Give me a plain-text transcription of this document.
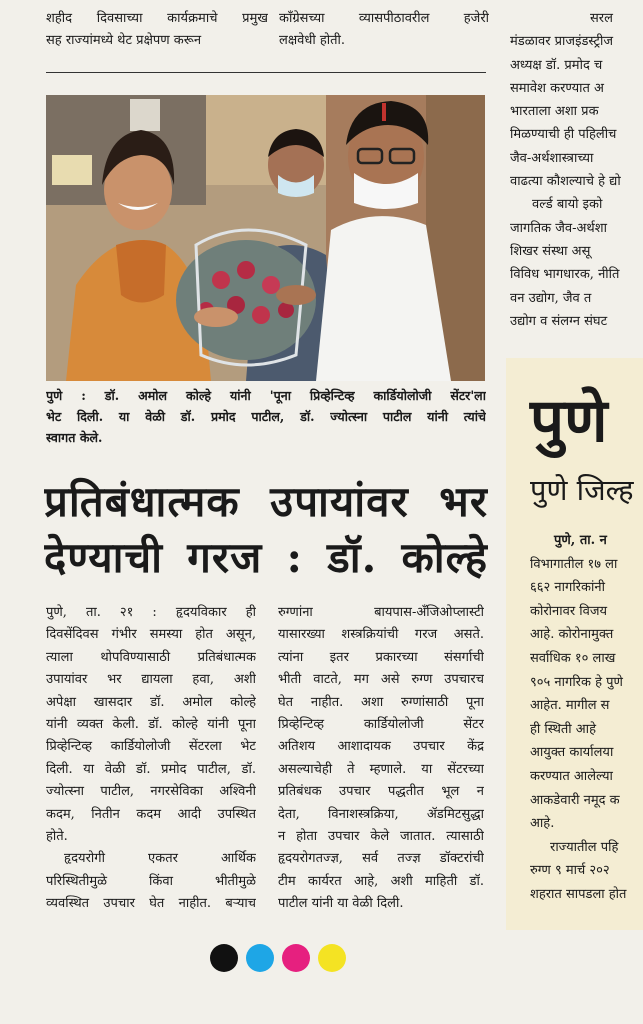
शहीद दिवसाच्या कार्यक्रमाचे प्रमुख
सह राज्यांमध्ये थेट प्रक्षेपण करून
काँग्रेसच्या व्यासपीठावरील हजेरी
लक्षवेधी होती.
पुणे : डॉ. अमोल कोल्हे यांनी 'पूना प्रिव्हेन्टिव्ह कार्डियोलोजी सेंटर'ला
भेट दिली. या वेळी डॉ. प्रमोद पाटील, डॉ. ज्योत्स्ना पाटील यांनी त्यांचे
स्वागत केले.
प्रतिबंधात्मक उपायांवर भर
देण्याची गरज : डॉ. कोल्हे
पुणे, ता. २१ : हृदयविकार ही
दिवसेंदिवस गंभीर समस्या होत असून,
त्याला थोपविण्यासाठी प्रतिबंधात्मक
उपायांवर भर द्यायला हवा, अशी
अपेक्षा खासदार डॉ. अमोल कोल्हे
यांनी व्यक्त केली. डॉ. कोल्हे यांनी पूना
प्रिव्हेन्टिव्ह कार्डियोलोजी सेंटरला भेट
दिली. या वेळी डॉ. प्रमोद पाटील, डॉ.
ज्योत्स्ना पाटील, नगरसेविका अश्विनी
कदम, नितीन कदम आदी उपस्थित
होते.
हृदयरोगी एकतर आर्थिक
परिस्थितीमुळे किंवा भीतीमुळे
व्यवस्थित उपचार घेत नाहीत. बऱ्याच
रुग्णांना बायपास-अँजिओप्लास्टी
यासारख्या शस्त्रक्रियांची गरज असते.
त्यांना इतर प्रकारच्या संसर्गाची
भीती वाटते, मग असे रुग्ण उपचारच
घेत नाहीत. अशा रुग्णांसाठी पूना
प्रिव्हेन्टिव्ह कार्डियोलोजी सेंटर
अतिशय आशादायक उपचार केंद्र
असल्याचेही ते म्हणाले. या सेंटरच्या
प्रतिबंधक उपचार पद्धतीत भूल न
देता, विनाशस्त्रक्रिया, ॲडमिटसुद्धा
न होता उपचार केले जातात. त्यासाठी
हृदयरोगतज्ज्ञ, सर्व तज्ज्ञ डॉक्टरांची
टीम कार्यरत आहे, अशी माहिती डॉ.
पाटील यांनी या वेळी दिली.
सरल
मंडळावर प्राजइंडस्ट्रीज
अध्यक्ष डॉ. प्रमोद च
समावेश करण्यात अ
भारताला अशा प्रक
मिळण्याची ही पहिलीच
जैव-अर्थशास्त्राच्या
वाढत्या कौशल्याचे हे द्यो
वर्ल्ड बायो इको
जागतिक जैव-अर्थशा
शिखर संस्था असू
विविध भागधारक, नीति
वन उद्योग, जैव त
उद्योग व संलग्न संघट
पुणे
पुणे जिल्ह
पुणे, ता. न
विभागातील १७ ला
६६२ नागरिकांनी
कोरोनावर विजय
आहे. कोरोनामुक्त
सर्वाधिक १० लाख
९०५ नागरिक हे पुणे
आहेत. मागील स
ही स्थिती आहे
आयुक्त कार्यालया
करण्यात आलेल्या
आकडेवारी नमूद क
आहे.
राज्यातील पहि
रुग्ण ९ मार्च २०२
शहरात सापडला होत
